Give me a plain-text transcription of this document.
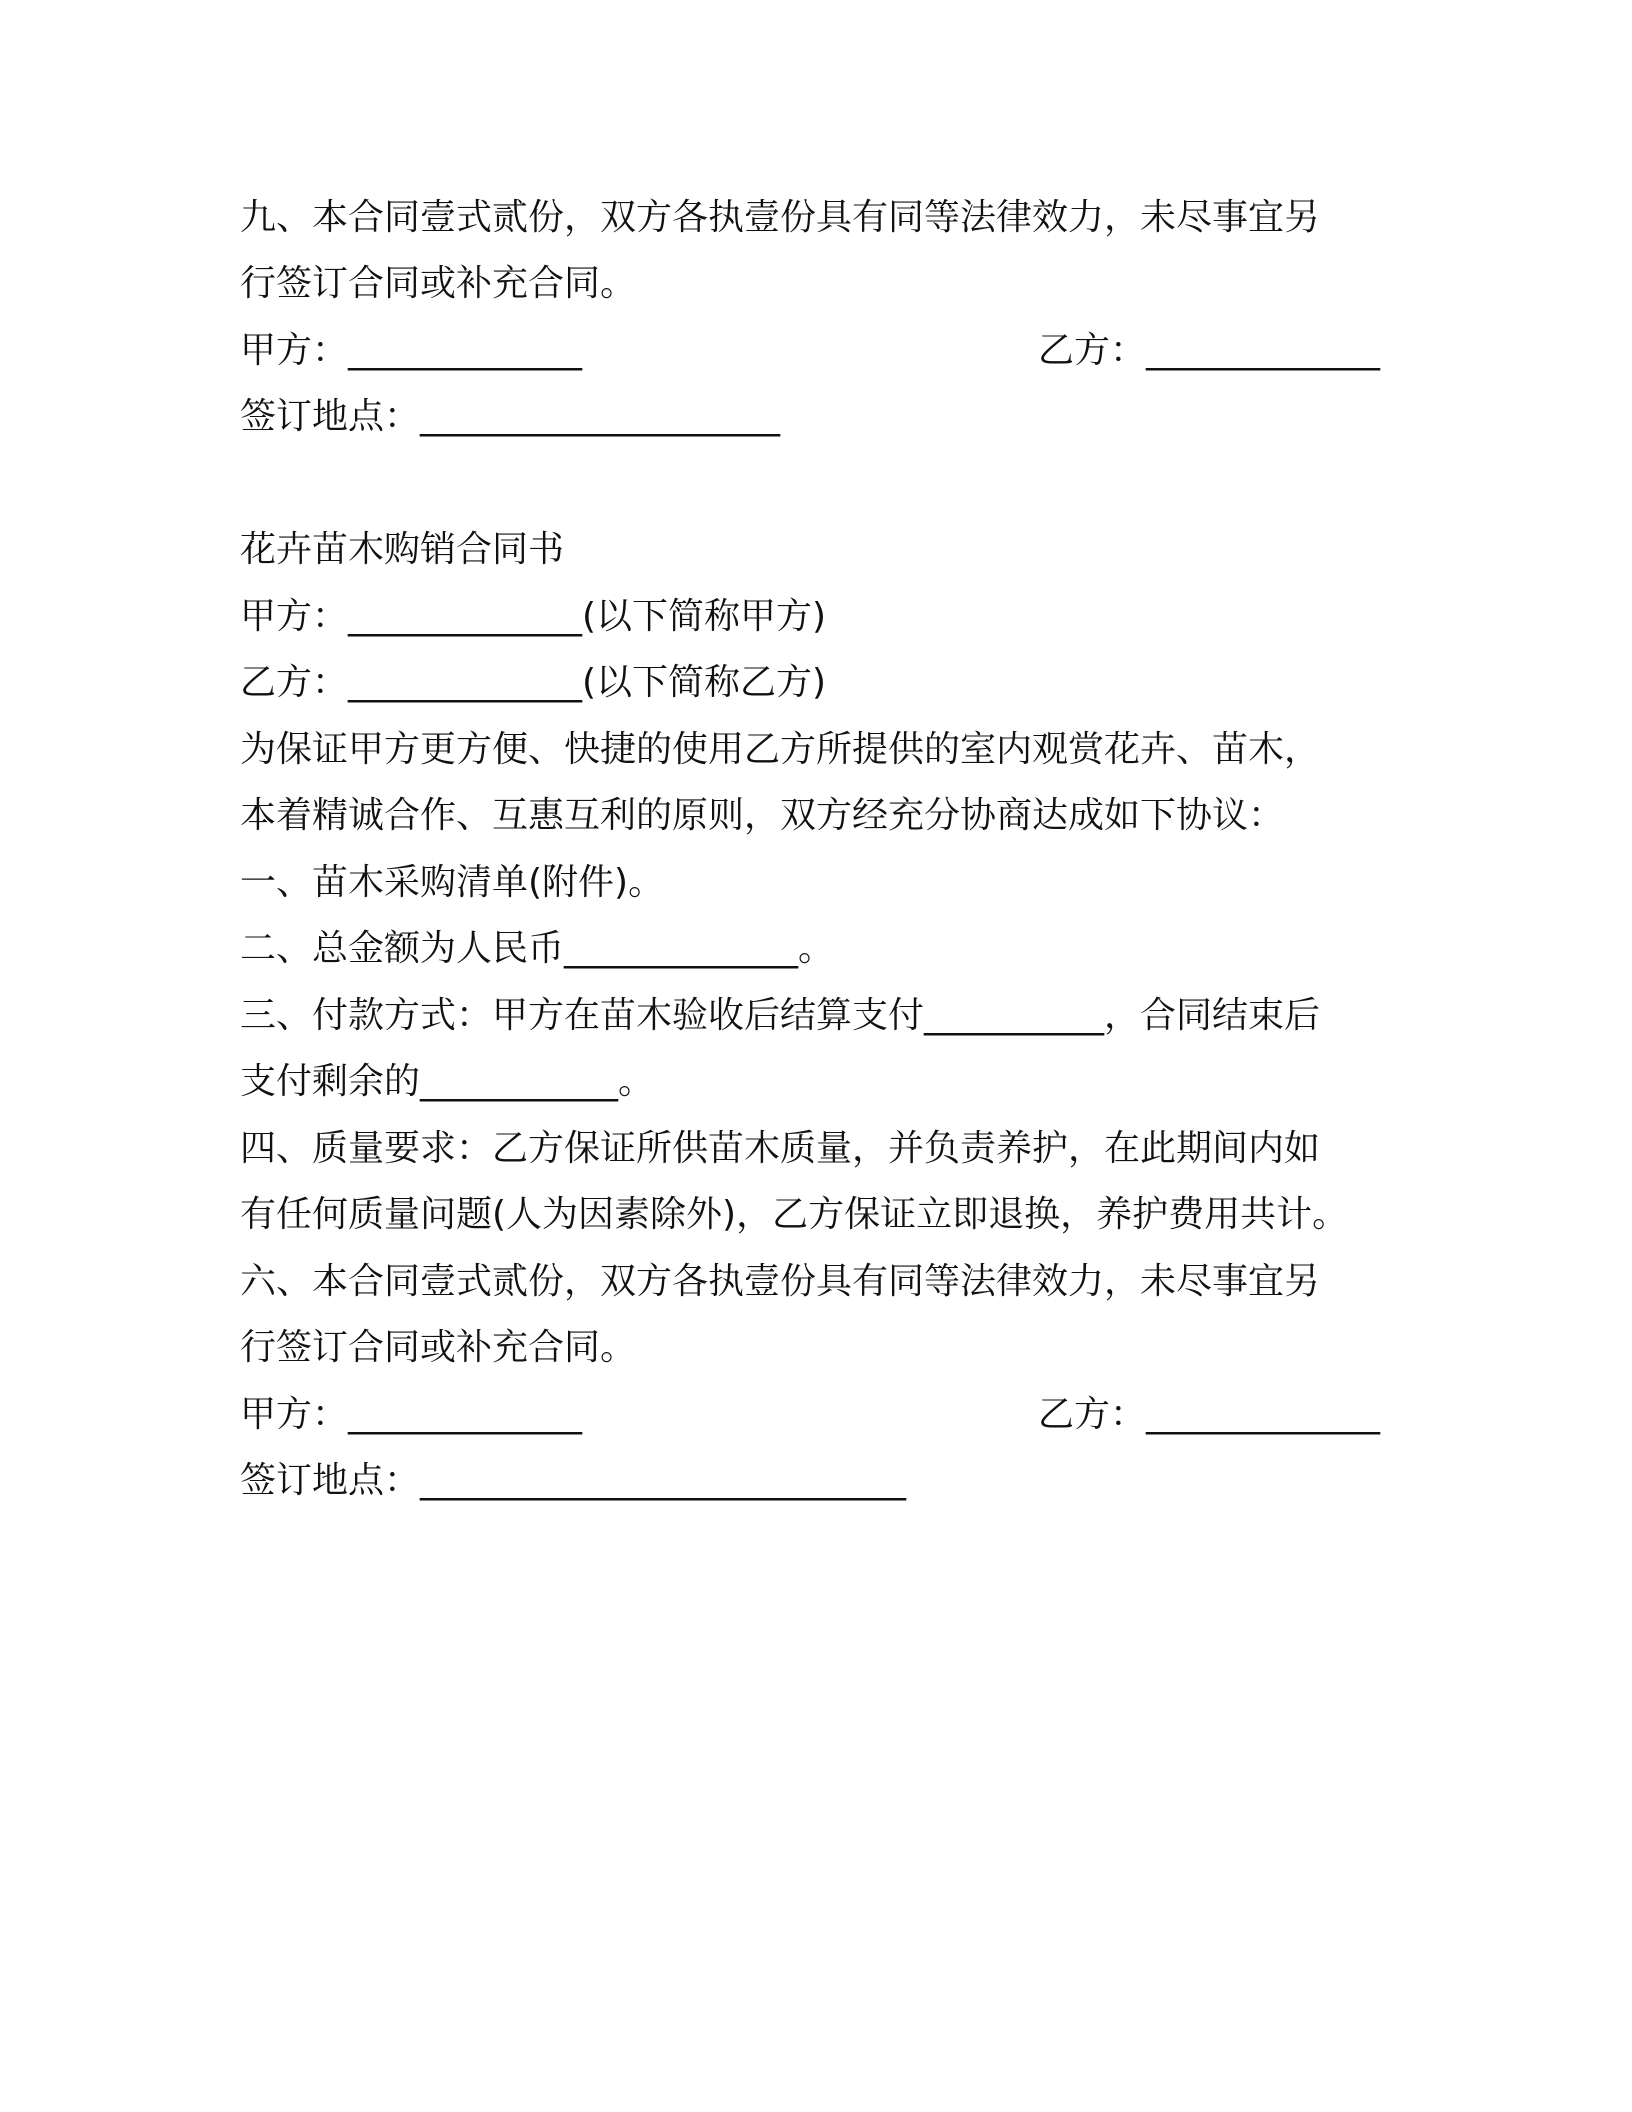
九、本合同壹式贰份，双方各执壹份具有同等法律效力，未尽事宜另
行签订合同或补充合同。
甲方：_____________	乙方：_____________
签订地点：____________________
花卉苗木购销合同书
甲方：_____________(以下简称甲方)
乙方：_____________(以下简称乙方)
为保证甲方更方便、快捷的使用乙方所提供的室内观赏花卉、苗木，
本着精诚合作、互惠互利的原则，双方经充分协商达成如下协议：
一、苗木采购清单(附件)。
二、总金额为人民币_____________。
三、付款方式：甲方在苗木验收后结算支付__________，合同结束后
支付剩余的___________。
四、质量要求：乙方保证所供苗木质量，并负责养护，在此期间内如
有任何质量问题(人为因素除外)，乙方保证立即退换，养护费用共计。
六、本合同壹式贰份，双方各执壹份具有同等法律效力，未尽事宜另
行签订合同或补充合同。
甲方：_____________	乙方：_____________
签订地点：___________________________
